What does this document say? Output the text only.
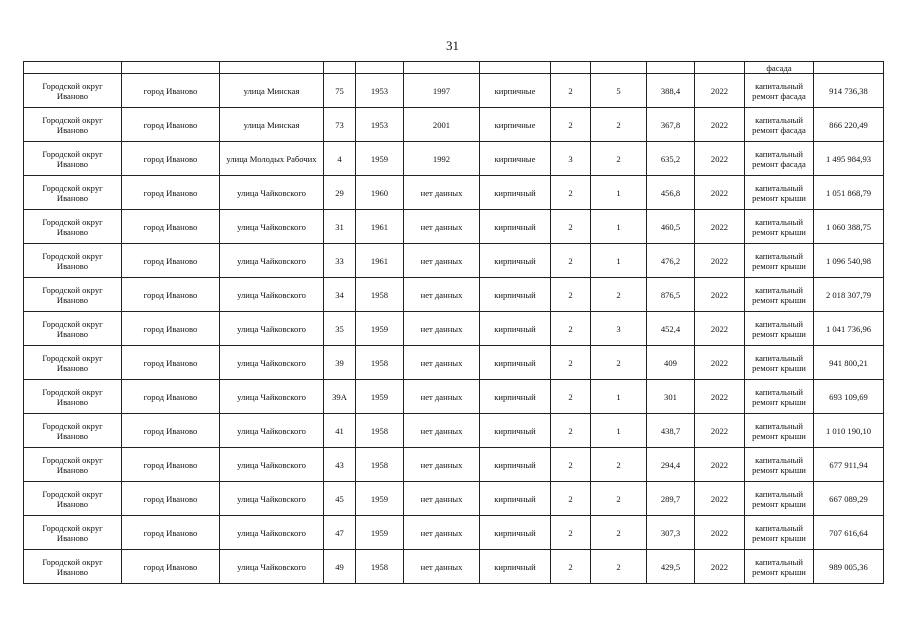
31
											фасада	
Городской округ Иваново	город Иваново	улица Минская	75	1953	1997	кирпичные	2	5	388,4	2022	капитальный ремонт фасада	914 736,38
Городской округ Иваново	город Иваново	улица Минская	73	1953	2001	кирпичные	2	2	367,8	2022	капитальный ремонт фасада	866 220,49
Городской округ Иваново	город Иваново	улица Молодых Рабочих	4	1959	1992	кирпичные	3	2	635,2	2022	капитальный ремонт фасада	1 495 984,93
Городской округ Иваново	город Иваново	улица Чайковского	29	1960	нет данных	кирпичный	2	1	456,8	2022	капитальный ремонт крыши	1 051 868,79
Городской округ Иваново	город Иваново	улица Чайковского	31	1961	нет данных	кирпичный	2	1	460,5	2022	капитальный ремонт крыши	1 060 388,75
Городской округ Иваново	город Иваново	улица Чайковского	33	1961	нет данных	кирпичный	2	1	476,2	2022	капитальный ремонт крыши	1 096 540,98
Городской округ Иваново	город Иваново	улица Чайковского	34	1958	нет данных	кирпичный	2	2	876,5	2022	капитальный ремонт крыши	2 018 307,79
Городской округ Иваново	город Иваново	улица Чайковского	35	1959	нет данных	кирпичный	2	3	452,4	2022	капитальный ремонт крыши	1 041 736,96
Городской округ Иваново	город Иваново	улица Чайковского	39	1958	нет данных	кирпичный	2	2	409	2022	капитальный ремонт крыши	941 800,21
Городской округ Иваново	город Иваново	улица Чайковского	39А	1959	нет данных	кирпичный	2	1	301	2022	капитальный ремонт крыши	693 109,69
Городской округ Иваново	город Иваново	улица Чайковского	41	1958	нет данных	кирпичный	2	1	438,7	2022	капитальный ремонт крыши	1 010 190,10
Городской округ Иваново	город Иваново	улица Чайковского	43	1958	нет данных	кирпичный	2	2	294,4	2022	капитальный ремонт крыши	677 911,94
Городской округ Иваново	город Иваново	улица Чайковского	45	1959	нет данных	кирпичный	2	2	289,7	2022	капитальный ремонт крыши	667 089,29
Городской округ Иваново	город Иваново	улица Чайковского	47	1959	нет данных	кирпичный	2	2	307,3	2022	капитальный ремонт крыши	707 616,64
Городской округ Иваново	город Иваново	улица Чайковского	49	1958	нет данных	кирпичный	2	2	429,5	2022	капитальный ремонт крыши	989 005,36
